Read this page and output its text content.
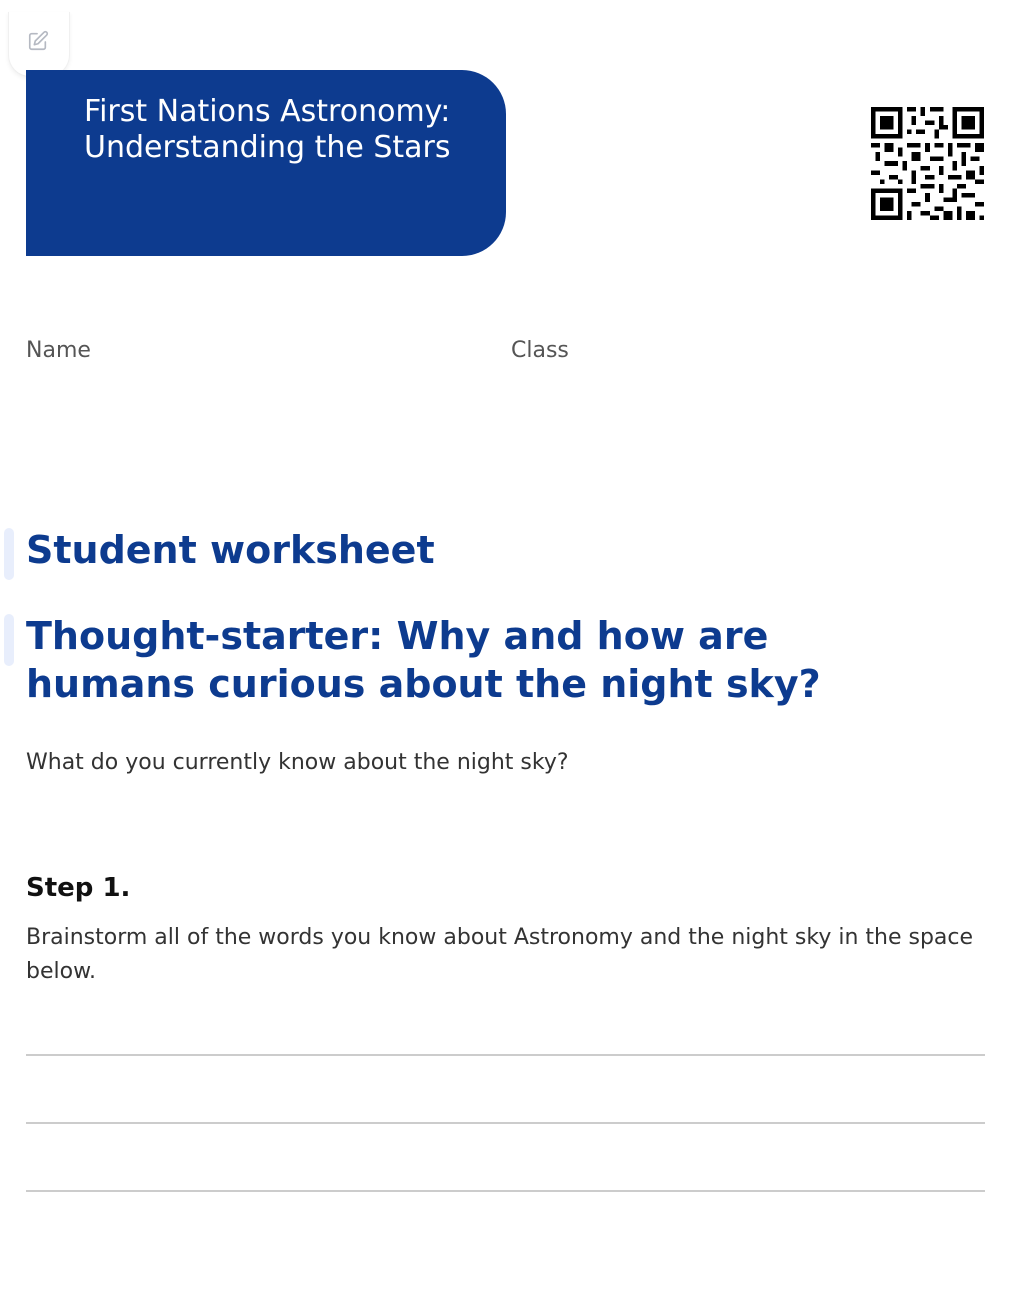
First Nations Astronomy: Understanding the Stars
Name	Class
Student worksheet
Thought-starter: Why and how are humans curious about the night sky?
What do you currently know about the night sky?
Step 1.
Brainstorm all of the words you know about Astronomy and the night sky in the space below.
